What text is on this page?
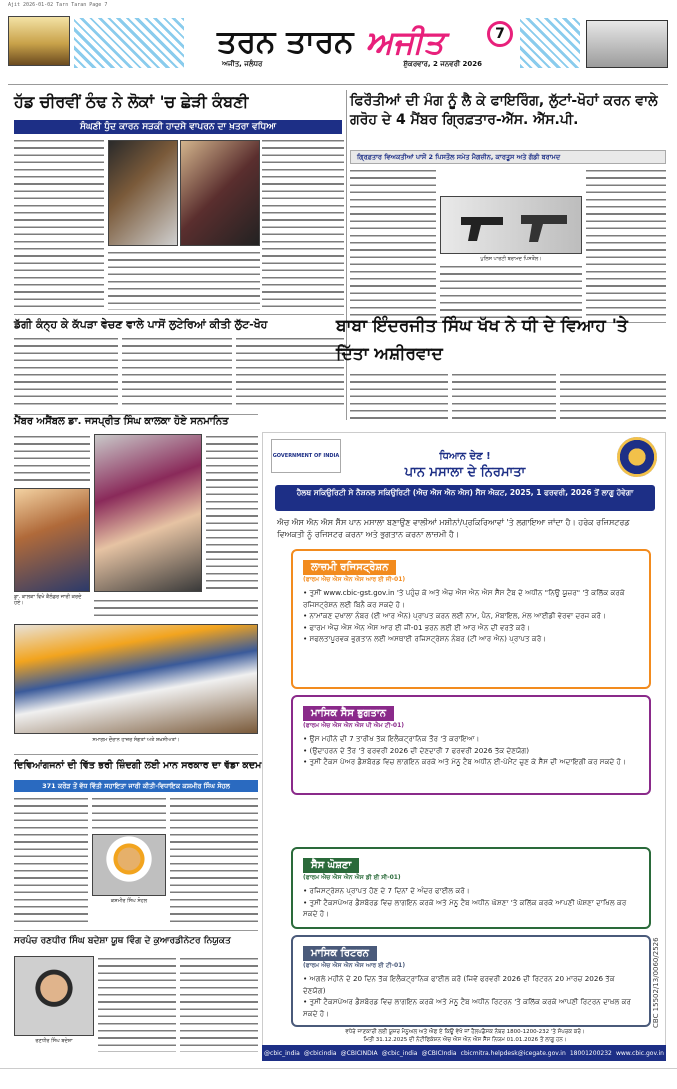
Ajit 2026-01-02 Tarn Taran Page 7
ਤਰਨ ਤਾਰਨ ਅਜੀਤ	7
ਅਜੀਤ, ਜਲੰਧਰ	ਸ਼ੁੱਕਰਵਾਰ, 2 ਜਨਵਰੀ 2026
ਹੱਡ ਚੀਰਵੀਂ ਠੰਢ ਨੇ ਲੋਕਾਂ 'ਚ ਛੇੜੀ ਕੰਬਣੀ
ਸੰਘਣੀ ਧੁੰਦ ਕਾਰਨ ਸੜਕੀ ਹਾਦਸੇ ਵਾਪਰਨ ਦਾ ਖ਼ਤਰਾ ਵਧਿਆ
ਫਿਰੌਤੀਆਂ ਦੀ ਮੰਗ ਨੂੰ ਲੈ ਕੇ ਫਾਇਰਿੰਗ, ਲੁੱਟਾਂ-ਖੋਹਾਂ ਕਰਨ ਵਾਲੇ ਗਰੋਹ ਦੇ 4 ਮੈਂਬਰ ਗ੍ਰਿਫ਼ਤਾਰ-ਐੱਸ. ਐੱਸ.ਪੀ.
ਗ੍ਰਿਫ਼ਤਾਰ ਵਿਅਕਤੀਆਂ ਪਾਸੋਂ 2 ਪਿਸਤੌਲ ਸਮੇਤ ਮੈਗਜ਼ੀਨ, ਕਾਰਤੂਸ ਅਤੇ ਗੱਡੀ ਬਰਾਮਦ
ਪੁਲਿਸ ਪਾਰਟੀ ਬਰਾਮਦ ਪਿਸਤੌਲ।
ਡੱਗੀ ਕੰਨ੍ਹ ਕੇ ਕੱਪੜਾ ਵੇਚਣ ਵਾਲੇ ਪਾਸੋਂ ਲੁਟੇਰਿਆਂ ਕੀਤੀ ਲੁੱਟ-ਖੋਹ	ਬਾਬਾ ਇੰਦਰਜੀਤ ਸਿੰਘ ਖੱਖ ਨੇ ਧੀ ਦੇ ਵਿਆਹ 'ਤੇ ਦਿੱਤਾ ਅਸ਼ੀਰਵਾਦ
ਮੈਂਬਰ ਅਸੈਂਬਲ ਡਾ. ਜਸਪ੍ਰੀਤ ਸਿੰਘ ਕਾਲਕਾ ਹੋਏ ਸਨਮਾਨਿਤ
ਡਾ. ਕਾਲਕਾ ਵਿਖੇ ਕੈਲੰਡਰ ਜਾਰੀ ਕਰਦੇ ਹੋਏ।
ਸਮਾਗਮ ਦੌਰਾਨ ਹਾਜ਼ਰ ਸੰਗਤਾਂ ਅਤੇ ਸ਼ਖ਼ਸੀਅਤਾਂ।
ਦਿਵਿਆਂਗਜਨਾਂ ਦੀ ਵਿੱਤ ਭਰੀ ਜ਼ਿੰਦਗੀ ਲਈ ਮਾਨ ਸਰਕਾਰ ਦਾ ਵੱਡਾ ਕਦਮ
371 ਕਰੋੜ ਤੋਂ ਵੱਧ ਵਿੱਤੀ ਸਹਾਇਤਾ ਜਾਰੀ ਕੀਤੀ-ਵਿਧਾਇਕ ਕਸ਼ਮੀਰ ਸਿੰਘ ਸੋਹਲ
ਕਸ਼ਮੀਰ ਸਿੰਘ ਸੋਹਲ
ਸਰਪੰਚ ਰਣਧੀਰ ਸਿੰਘ ਬਦੇਸ਼ਾ ਯੂਥ ਵਿੰਗ ਦੇ ਕੁਆਰਡੀਨੇਟਰ ਨਿਯੁਕਤ
ਰਣਧੀਰ ਸਿੰਘ ਬਦੇਸ਼ਾ
GOVERNMENT OF INDIA	ਧਿਆਨ ਦੇਣ !
ਪਾਨ ਮਸਾਲਾ ਦੇ ਨਿਰਮਾਤਾ
ਹੈਲਥ ਸਕਿਉਰਿਟੀ ਸੇ ਨੈਸ਼ਨਲ ਸਕਿਉਰਿਟੀ (ਐਚ ਐਸ ਐਨ ਐਸ) ਸੈੱਸ ਐਕਟ, 2025, 1 ਫਰਵਰੀ, 2026 ਤੋਂ ਲਾਗੂ ਹੋਵੇਗਾ
ਐਚ ਐਸ ਐਨ ਐਸ ਸੈੱਸ ਪਾਨ ਮਸਾਲਾ ਬਣਾਉਣ ਵਾਲੀਆਂ ਮਸ਼ੀਨਾਂ/ਪ੍ਰਕਿਰਿਆਵਾਂ 'ਤੇ ਲਗਾਇਆ ਜਾਂਦਾ ਹੈ। ਹਰੇਕ ਰਜਿਸਟਰਡ ਵਿਅਕਤੀ ਨੂੰ ਰਜਿਸਟਰ ਕਰਨਾ ਅਤੇ ਭੁਗਤਾਨ ਕਰਨਾ ਲਾਜ਼ਮੀ ਹੈ।
ਲਾਜ਼ਮੀ ਰਜਿਸਟ੍ਰੇਸ਼ਨ
(ਫਾਰਮ ਐਚ ਐਸ ਐਨ ਐਸ ਆਰ ਈ ਜੀ-01)
• ਤੁਸੀਂ www.cbic-gst.gov.in 'ਤੇ ਪਹੁੰਚ ਕੇ ਅਤੇ ਐਚ ਐਸ ਐਨ ਐਸ ਸੈੱਸ ਟੈਬ ਦੇ ਅਧੀਨ "ਨਿਊ ਯੂਜ਼ਰ" 'ਤੇ ਕਲਿੱਕ ਕਰਕੇ ਰਜਿਸਟ੍ਰੇਸ਼ਨ ਲਈ ਬਿਨੈ ਕਰ ਸਕਦੇ ਹੋ।
• ਨਾਮਾਂਕਣ ਦਖਾਲਾ ਨੰਬਰ (ਈ ਆਰ ਐਨ) ਪ੍ਰਾਪਤ ਕਰਨ ਲਈ ਨਾਮ, ਪੈਨ, ਮੋਬਾਇਲ, ਮੇਲ ਆਈਡੀ ਵੇਰਵਾ ਦਰਜ ਕਰੋ।
• ਫਾਰਮ ਐਚ ਐਸ ਐਨ ਐਸ ਆਰ ਈ ਜੀ-01 ਭਰਨ ਲਈ ਈ ਆਰ ਐਨ ਦੀ ਵਰਤੋਂ ਕਰੋ।
• ਸਫਲਤਾਪੂਰਵਕ ਭੁਗਤਾਨ ਲਈ ਅਸਥਾਈ ਰਜਿਸਟ੍ਰੇਸ਼ਨ ਨੰਬਰ (ਟੀ ਆਰ ਐਨ) ਪ੍ਰਾਪਤ ਕਰੋ।
ਮਾਸਿਕ ਸੈੱਸ ਭੁਗਤਾਨ
(ਫਾਰਮ ਐਚ ਐਸ ਐਨ ਐਸ ਪੀ ਐਮ ਟੀ-01)
• ਉਸ ਮਹੀਨੇ ਦੀ 7 ਤਾਰੀਖ ਤੱਕ ਇਲੈਕਟ੍ਰਾਨਿਕ ਤੌਰ 'ਤੇ ਕਰਾਇਆ।
• (ਉਦਾਹਰਨ ਦੇ ਤੌਰ 'ਤੇ ਫਰਵਰੀ 2026 ਦੀ ਦੇਣਦਾਰੀ 7 ਫਰਵਰੀ 2026 ਤੱਕ ਦੇਣਯੋਗ)
• ਤੁਸੀਂ ਟੈਕਸ ਪੇਅਰ ਡੈਸ਼ਬੋਰਡ ਵਿਚ ਲਾਗਇਨ ਕਰਕੇ ਅਤੇ ਮੇਨੂ ਟੈਬ ਅਧੀਨ ਈ-ਪੇਮੈਂਟ ਚੁਣ ਕੇ ਸੈੱਸ ਦੀ ਅਦਾਇਗੀ ਕਰ ਸਕਦੇ ਹੋ।
ਸੈੱਸ ਘੋਸ਼ਣਾ
(ਫਾਰਮ ਐਚ ਐਸ ਐਨ ਐਸ ਡੀ ਈ ਸੀ-01)
• ਰਜਿਸਟ੍ਰੇਸ਼ਨ ਪ੍ਰਾਪਤ ਹੋਣ ਦੇ 7 ਦਿਨਾਂ ਦੇ ਅੰਦਰ ਫਾਈਲ ਕਰੋ।
• ਤੁਸੀਂ ਟੈਕਸਪੇਅਰ ਡੈਸ਼ਬੋਰਡ ਵਿਚ ਲਾਗਇਨ ਕਰਕੇ ਅਤੇ ਮੇਨੂ ਟੈਬ ਅਧੀਨ ਘੋਸ਼ਣਾ 'ਤੇ ਕਲਿੱਕ ਕਰਕੇ ਆਪਣੀ ਘੋਸ਼ਣਾ ਦਾਖਿਲ ਕਰ ਸਕਦੇ ਹੋ।
ਮਾਸਿਕ ਰਿਟਰਨ
(ਫਾਰਮ ਐਚ ਐਸ ਐਨ ਐਸ ਆਰ ਈ ਟੀ-01)
• ਅਗਲੇ ਮਹੀਨੇ ਦੇ 20 ਦਿਨ ਤੱਕ ਇਲੈਕਟ੍ਰਾਨਿਕ ਫਾਈਲ ਕਰੋ (ਜਿਵੇਂ ਫਰਵਰੀ 2026 ਦੀ ਰਿਟਰਨ 20 ਮਾਰਚ 2026 ਤੱਕ ਦੇਣਯੋਗ)
• ਤੁਸੀਂ ਟੈਕਸਪੇਅਰ ਡੈਸ਼ਬੋਰਡ ਵਿਚ ਲਾਗਇਨ ਕਰਕੇ ਅਤੇ ਮੇਨੂ ਟੈਬ ਅਧੀਨ ਰਿਟਰਨ 'ਤੇ ਕਲਿੱਕ ਕਰਕੇ ਆਪਣੀ ਰਿਟਰਨ ਦਾਖ਼ਲ ਕਰ ਸਕਦੇ ਹੋ।
ਵਧੇਰੇ ਜਾਣਕਾਰੀ ਲਈ ਯੂਜ਼ਰ ਮੈਨੂਅਲ ਅਤੇ ਐਫ ਏ ਕਿਊ ਵੇਖੋ ਜਾਂ ਹੈਲਪਡੈਸਕ ਨੰਬਰ 1800-1200-232 'ਤੇ ਸੰਪਰਕ ਕਰੋ।
ਮਿਤੀ 31.12.2025 ਦੀ ਨੋਟੀਫਿਕੇਸ਼ਨ ਐਚ ਐਸ ਐਨ ਐਸ ਸੈੱਸ ਨਿਯਮ 01.01.2026 ਤੋਂ ਲਾਗੂ ਹਨ।
CBC 15502/13/0060/2526
@cbic_india @cbicindia @CBICINDIA @cbic_india @CBICIndia cbicmitra.helpdesk@icegate.gov.in 18001200232 www.cbic.gov.in
